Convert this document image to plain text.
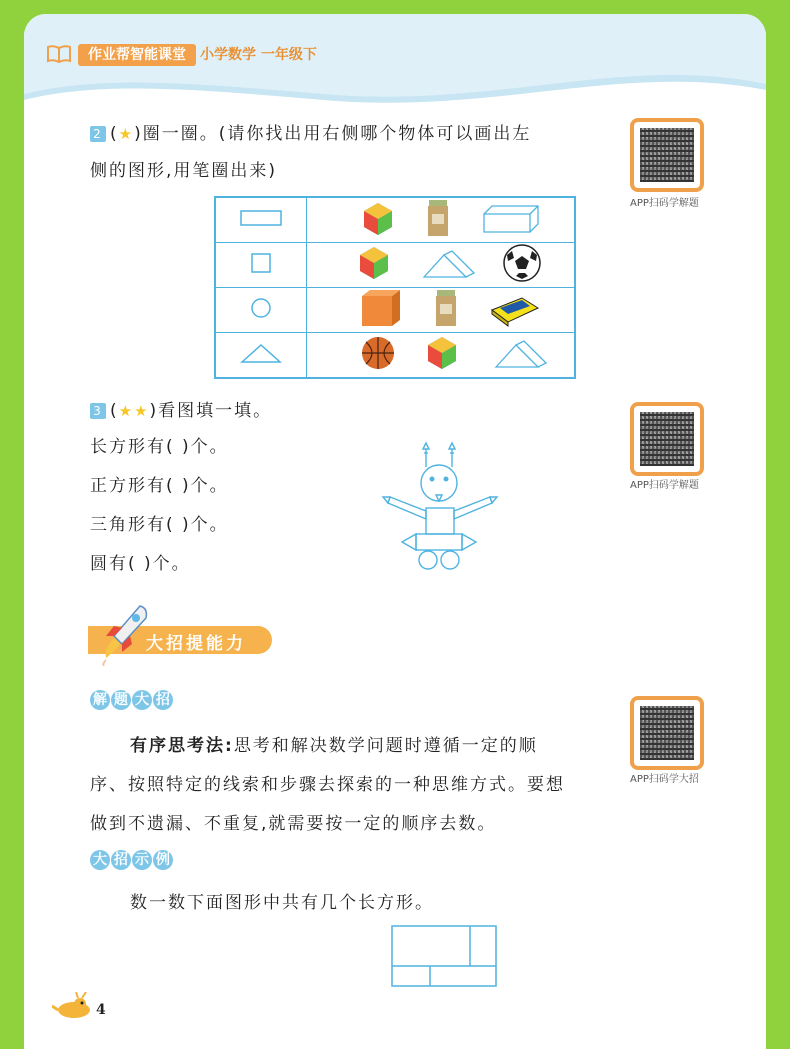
作业帮智能课堂	小学数学 一年级下
2 (★)圈一圈。(请你找出用右侧哪个物体可以画出左
侧的图形,用笔圈出来)
APP扫码学解题

3 (★★)看图填一填。
长方形有( )个。
正方形有( )个。
三角形有( )个。
圆有( )个。
APP扫码学解题
大招提能力
解 题 大 招
有序思考法:思考和解决数学问题时遵循一定的顺
序、按照特定的线索和步骤去探索的一种思维方式。要想
做到不遗漏、不重复,就需要按一定的顺序去数。
APP扫码学大招
大 招 示 例
数一数下面图形中共有几个长方形。
4
